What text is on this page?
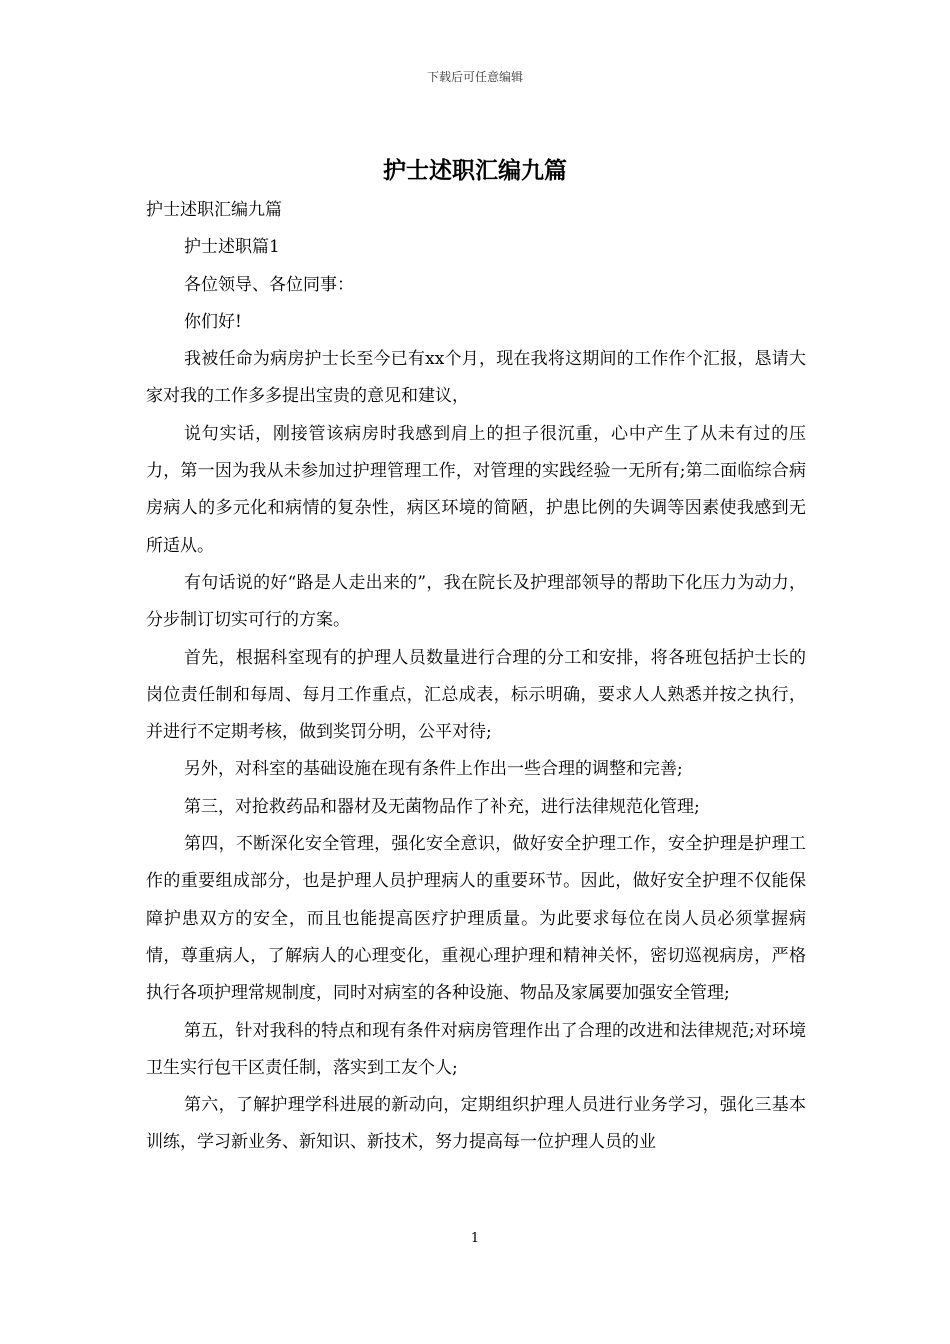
下载后可任意编辑
护士述职汇编九篇

护士述职汇编九篇

护士述职篇1

各位领导、各位同事：

你们好!

我被任命为病房护士长至今已有xx个月，现在我将这期间的工作作个汇报，恳请大家对我的工作多多提出宝贵的意见和建议，

说句实话，刚接管该病房时我感到肩上的担子很沉重，心中产生了从未有过的压力，第一因为我从未参加过护理管理工作，对管理的实践经验一无所有;第二面临综合病房病人的多元化和病情的复杂性，病区环境的简陋，护患比例的失调等因素使我感到无所适从。

有句话说的好“路是人走出来的”，我在院长及护理部领导的帮助下化压力为动力，分步制订切实可行的方案。

首先，根据科室现有的护理人员数量进行合理的分工和安排，将各班包括护士长的岗位责任制和每周、每月工作重点，汇总成表，标示明确，要求人人熟悉并按之执行，并进行不定期考核，做到奖罚分明，公平对待;

另外，对科室的基础设施在现有条件上作出一些合理的调整和完善;

第三，对抢救药品和器材及无菌物品作了补充，进行法律规范化管理;

第四，不断深化安全管理，强化安全意识，做好安全护理工作，安全护理是护理工作的重要组成部分，也是护理人员护理病人的重要环节。因此，做好安全护理不仅能保障护患双方的安全，而且也能提高医疗护理质量。为此要求每位在岗人员必须掌握病情，尊重病人，了解病人的心理变化，重视心理护理和精神关怀，密切巡视病房，严格执行各项护理常规制度，同时对病室的各种设施、物品及家属要加强安全管理;

第五，针对我科的特点和现有条件对病房管理作出了合理的改进和法律规范;对环境卫生实行包干区责任制，落实到工友个人;

第六，了解护理学科进展的新动向，定期组织护理人员进行业务学习，强化三基本训练，学习新业务、新知识、新技术，努力提高每一位护理人员的业

1
